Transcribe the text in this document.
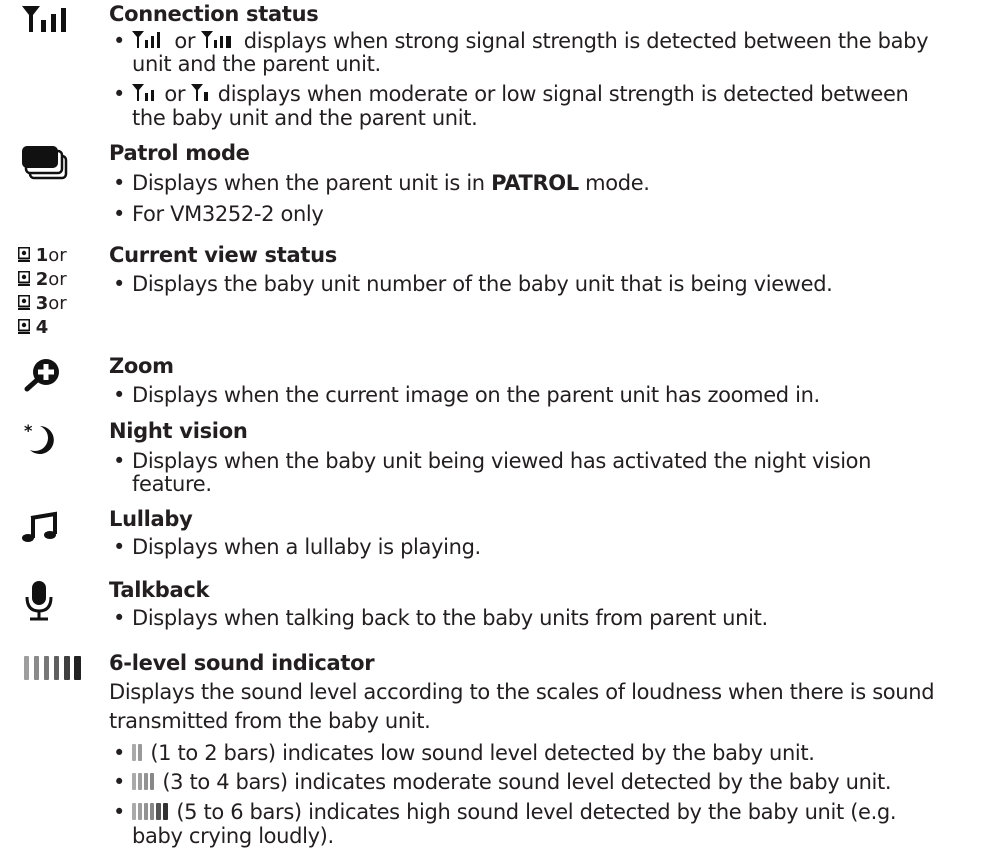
Connection status
•	or displays when strong signal strength is detected between the baby
unit and the parent unit.
•	or displays when moderate or low signal strength is detected between
the baby unit and the parent unit.
Patrol mode
• Displays when the parent unit is in PATROL mode.
• For VM3252-2 only
1or
2or
3or
4
Current view status
• Displays the baby unit number of the baby unit that is being viewed.
Zoom
• Displays when the current image on the parent unit has zoomed in.
*	Night vision
• Displays when the baby unit being viewed has activated the night vision
feature.
Lullaby
• Displays when a lullaby is playing.
Talkback
• Displays when talking back to the baby units from parent unit.
6-level sound indicator
Displays the sound level according to the scales of loudness when there is sound
transmitted from the baby unit.
•	(1 to 2 bars) indicates low sound level detected by the baby unit.
•	(3 to 4 bars) indicates moderate sound level detected by the baby unit.
•	(5 to 6 bars) indicates high sound level detected by the baby unit (e.g.
baby crying loudly).
